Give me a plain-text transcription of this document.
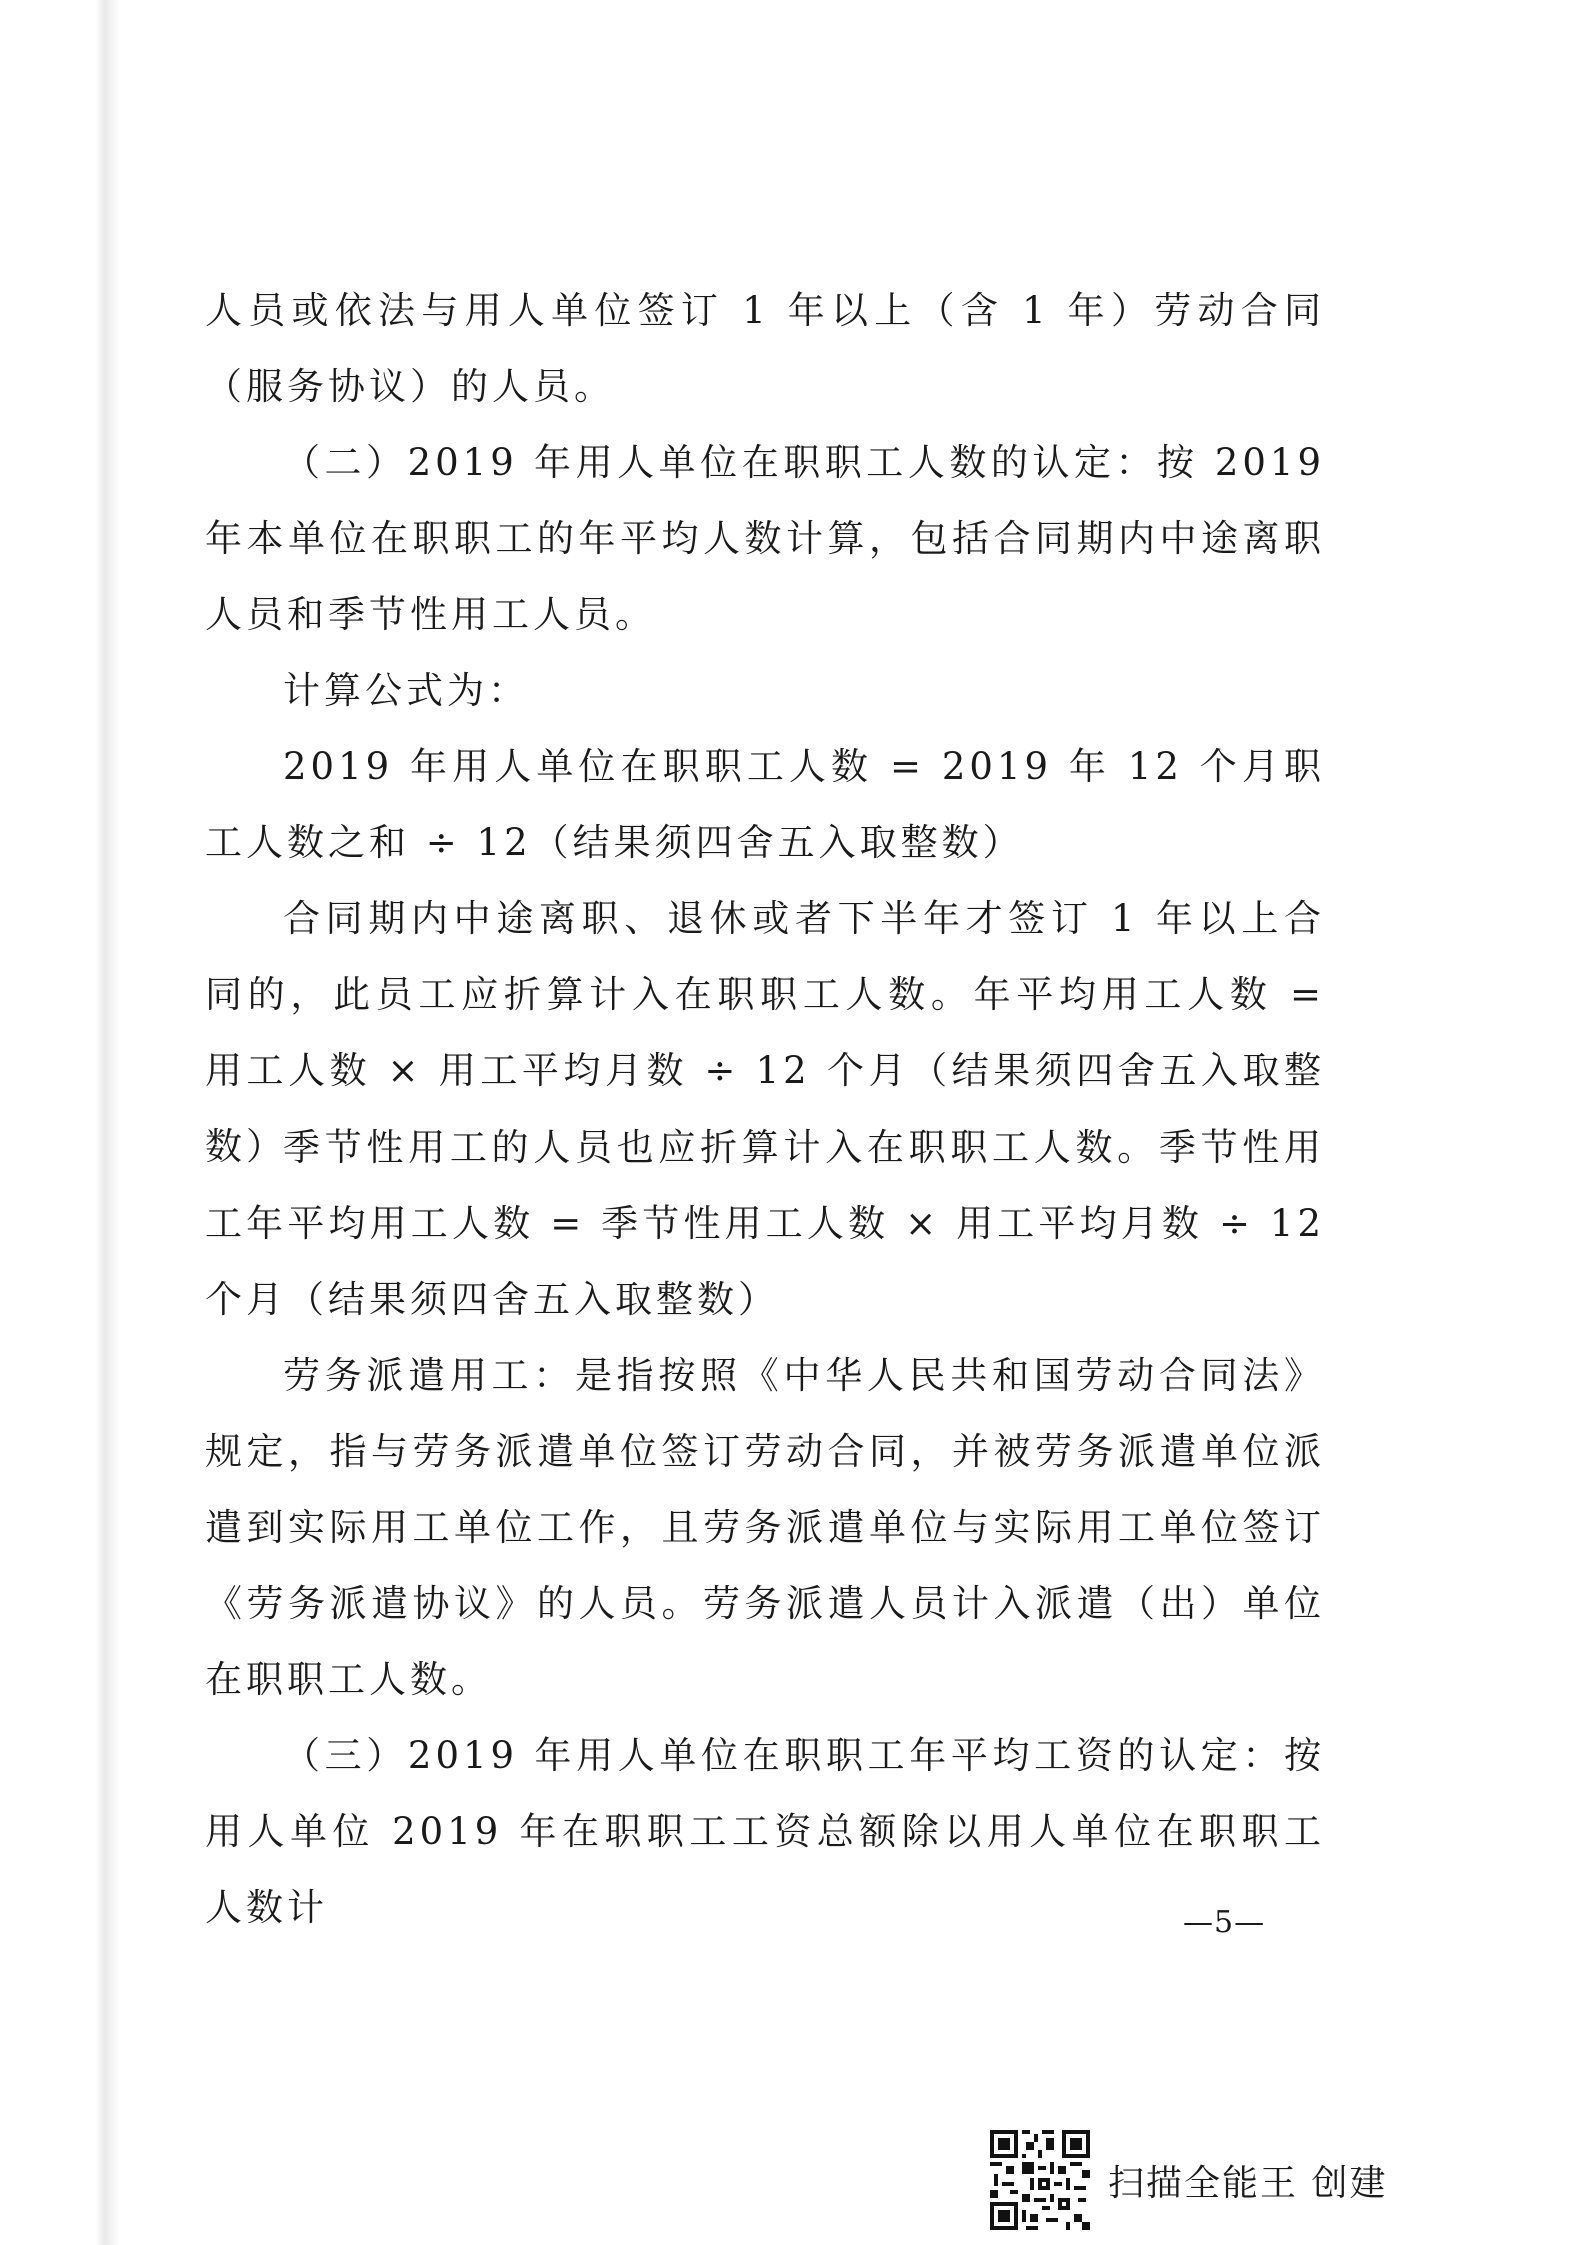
人员或依法与用人单位签订 1 年以上（含 1 年）劳动合同（服务协议）的人员。

（二）2019 年用人单位在职职工人数的认定：按 2019 年本单位在职职工的年平均人数计算，包括合同期内中途离职人员和季节性用工人员。

计算公式为：

2019 年用人单位在职职工人数 = 2019 年 12 个月职工人数之和 ÷ 12（结果须四舍五入取整数）

合同期内中途离职、退休或者下半年才签订 1 年以上合同的，此员工应折算计入在职职工人数。年平均用工人数 = 用工人数 × 用工平均月数 ÷ 12 个月（结果须四舍五入取整数）

季节性用工的人员也应折算计入在职职工人数。季节性用工年平均用工人数 = 季节性用工人数 × 用工平均月数 ÷ 12 个月（结果须四舍五入取整数）

劳务派遣用工：是指按照《中华人民共和国劳动合同法》规定，指与劳务派遣单位签订劳动合同，并被劳务派遣单位派遣到实际用工单位工作，且劳务派遣单位与实际用工单位签订《劳务派遣协议》的人员。劳务派遣人员计入派遣（出）单位在职职工人数。

（三）2019 年用人单位在职职工年平均工资的认定：按用人单位 2019 年在职职工工资总额除以用人单位在职职工人数计	—5—
扫描全能王 创建
